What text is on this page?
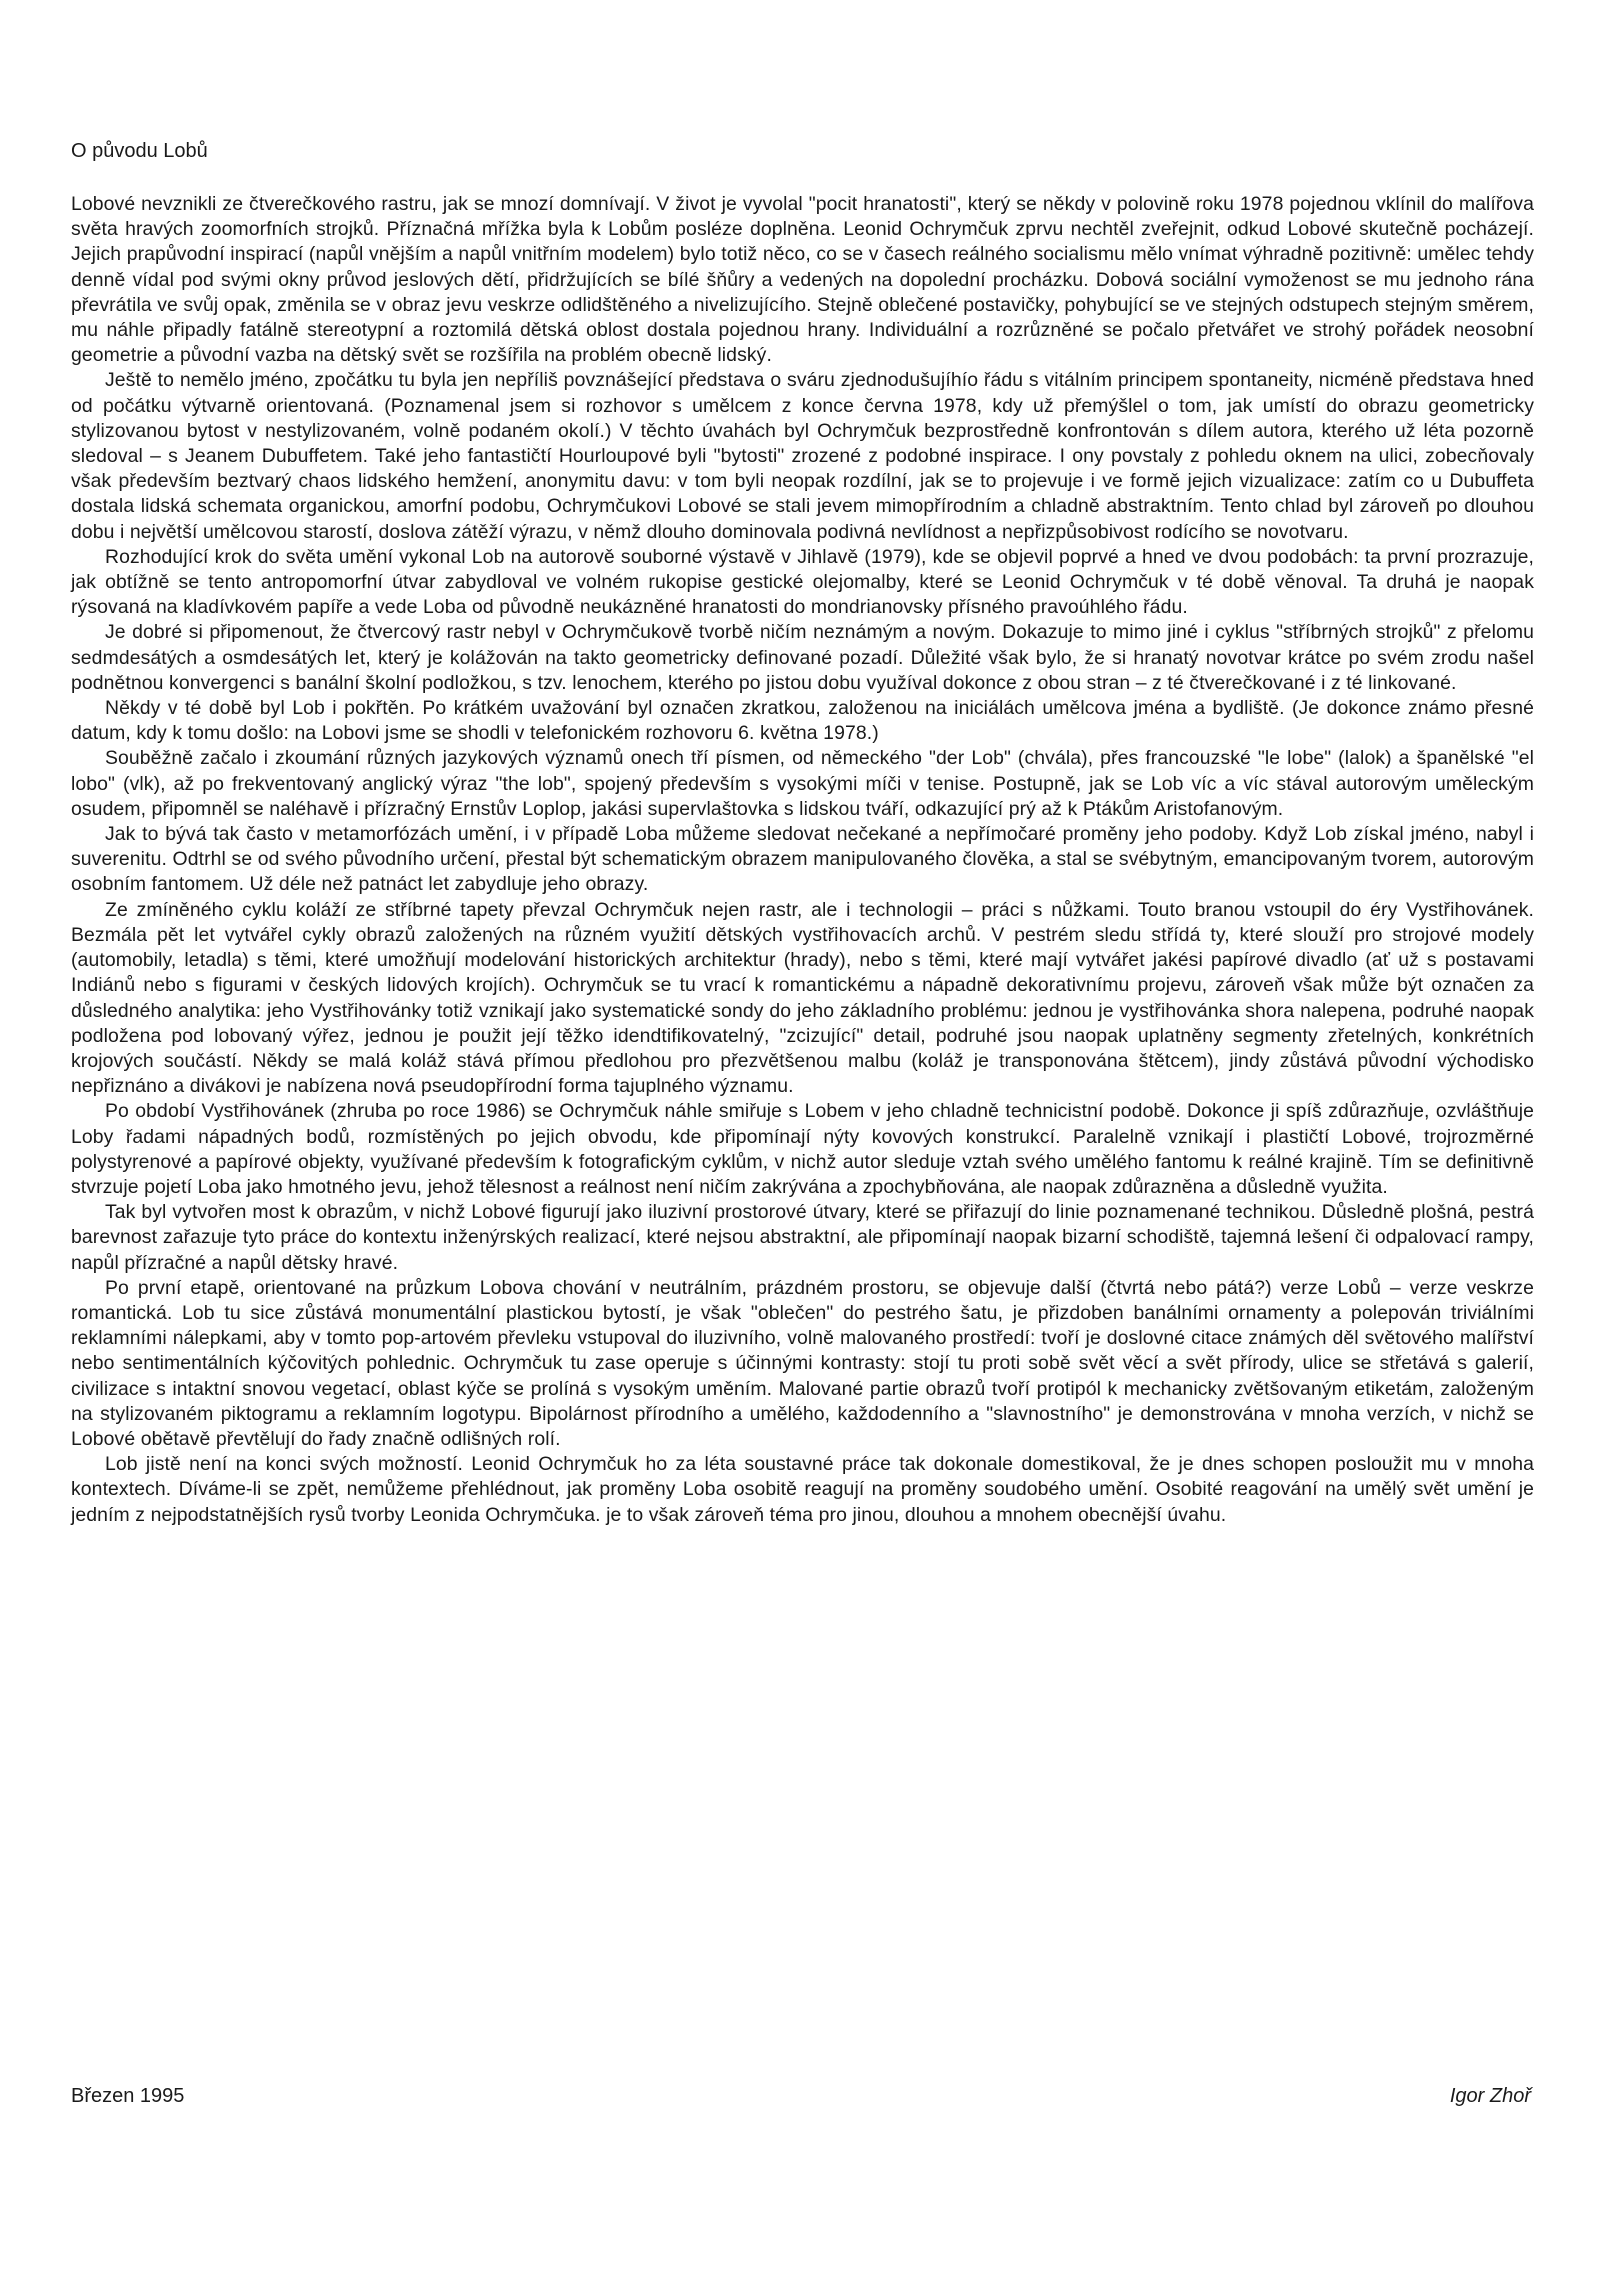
O původu Lobů

Lobové nevznikli ze čtverečkového rastru, jak se mnozí domnívají. V život je vyvolal "pocit hranatosti", který se někdy v polovině roku 1978 pojednou vklínil do malířova světa hravých zoomorfních strojků. Příznačná mřížka byla k Lobům posléze doplněna. Leonid Ochrymčuk zprvu nechtěl zveřejnit, odkud Lobové skutečně pocházejí. Jejich prapůvodní inspirací (napůl vnějším a napůl vnitřním modelem) bylo totiž něco, co se v časech reálného socialismu mělo vnímat výhradně pozitivně: umělec tehdy denně vídal pod svými okny průvod jeslových dětí, přidržujících se bílé šňůry a vedených na dopolední procházku. Dobová sociální vymoženost se mu jednoho rána převrátila ve svůj opak, změnila se v obraz jevu veskrze odlidštěného a nivelizujícího. Stejně oblečené postavičky, pohybující se ve stejných odstupech stejným směrem, mu náhle připadly fatálně stereotypní a roztomilá dětská oblost dostala pojednou hrany. Individuální a rozrůzněné se počalo přetvářet ve strohý pořádek neosobní geometrie a původní vazba na dětský svět se rozšířila na problém obecně lidský.

Ještě to nemělo jméno, zpočátku tu byla jen nepříliš povznášející představa o sváru zjednodušujíhío řádu s vitálním principem spontaneity, nicméně představa hned od počátku výtvarně orientovaná. (Poznamenal jsem si rozhovor s umělcem z konce června 1978, kdy už přemýšlel o tom, jak umístí do obrazu geometricky stylizovanou bytost v nestylizovaném, volně podaném okolí.) V těchto úvahách byl Ochrymčuk bezprostředně konfrontován s dílem autora, kterého už léta pozorně sledoval – s Jeanem Dubuffetem. Také jeho fantastičtí Hourloupové byli "bytosti" zrozené z podobné inspirace. I ony povstaly z pohledu oknem na ulici, zobecňovaly však především beztvarý chaos lidského hemžení, anonymitu davu: v tom byli neopak rozdílní, jak se to projevuje i ve formě jejich vizualizace: zatím co u Dubuffeta dostala lidská schemata organickou, amorfní podobu, Ochrymčukovi Lobové se stali jevem mimopřírodním a chladně abstraktním. Tento chlad byl zároveň po dlouhou dobu i největší umělcovou starostí, doslova zátěží výrazu, v němž dlouho dominovala podivná nevlídnost a nepřizpůsobivost rodícího se novotvaru.

Rozhodující krok do světa umění vykonal Lob na autorově souborné výstavě v Jihlavě (1979), kde se objevil poprvé a hned ve dvou podobách: ta první prozrazuje, jak obtížně se tento antropomorfní útvar zabydloval ve volném rukopise gestické olejomalby, které se Leonid Ochrymčuk v té době věnoval. Ta druhá je naopak rýsovaná na kladívkovém papíře a vede Loba od původně neukázněné hranatosti do mondrianovsky přísného pravoúhlého řádu.

Je dobré si připomenout, že čtvercový rastr nebyl v Ochrymčukově tvorbě ničím neznámým a novým. Dokazuje to mimo jiné i cyklus "stříbrných strojků" z přelomu sedmdesátých a osmdesátých let, který je kolážován na takto geometricky definované pozadí. Důležité však bylo, že si hranatý novotvar krátce po svém zrodu našel podnětnou konvergenci s banální školní podložkou, s tzv. lenochem, kterého po jistou dobu využíval dokonce z obou stran – z té čtverečkované i z té linkované.

Někdy v té době byl Lob i pokřtěn. Po krátkém uvažování byl označen zkratkou, založenou na iniciálách umělcova jména a bydliště. (Je dokonce známo přesné datum, kdy k tomu došlo: na Lobovi jsme se shodli v telefonickém rozhovoru 6. května 1978.)

Souběžně začalo i zkoumání různých jazykových významů onech tří písmen, od německého "der Lob" (chvála), přes francouzské "le lobe" (lalok) a španělské "el lobo" (vlk), až po frekventovaný anglický výraz "the lob", spojený především s vysokými míči v tenise. Postupně, jak se Lob víc a víc stával autorovým uměleckým osudem, připomněl se naléhavě i přízračný Ernstův Loplop, jakási supervlaštovka s lidskou tváří, odkazující prý až k Ptákům Aristofanovým.

Jak to bývá tak často v metamorfózách umění, i v případě Loba můžeme sledovat nečekané a nepřímočaré proměny jeho podoby. Když Lob získal jméno, nabyl i suverenitu. Odtrhl se od svého původního určení, přestal být schematickým obrazem manipulovaného člověka, a stal se svébytným, emancipovaným tvorem, autorovým osobním fantomem. Už déle než patnáct let zabydluje jeho obrazy.

Ze zmíněného cyklu koláží ze stříbrné tapety převzal Ochrymčuk nejen rastr, ale i technologii – práci s nůžkami. Touto branou vstoupil do éry Vystřihovánek. Bezmála pět let vytvářel cykly obrazů založených na různém využití dětských vystřihovacích archů. V pestrém sledu střídá ty, které slouží pro strojové modely (automobily, letadla) s těmi, které umožňují modelování historických architektur (hrady), nebo s těmi, které mají vytvářet jakési papírové divadlo (ať už s postavami Indiánů nebo s figurami v českých lidových krojích). Ochrymčuk se tu vrací k romantickému a nápadně dekorativnímu projevu, zároveň však může být označen za důsledného analytika: jeho Vystřihovánky totiž vznikají jako systematické sondy do jeho základního problému: jednou je vystřihovánka shora nalepena, podruhé naopak podložena pod lobovaný výřez, jednou je použit její těžko idendtifikovatelný, "zcizující" detail, podruhé jsou naopak uplatněny segmenty zřetelných, konkrétních krojových součástí. Někdy se malá koláž stává přímou předlohou pro přezvětšenou malbu (koláž je transponována štětcem), jindy zůstává původní východisko nepřiznáno a divákovi je nabízena nová pseudopřírodní forma tajuplného významu.

Po období Vystřihovánek (zhruba po roce 1986) se Ochrymčuk náhle smiřuje s Lobem v jeho chladně technicistní podobě. Dokonce ji spíš zdůrazňuje, ozvláštňuje Loby řadami nápadných bodů, rozmístěných po jejich obvodu, kde připomínají nýty kovových konstrukcí. Paralelně vznikají i plastičtí Lobové, trojrozměrné polystyrenové a papírové objekty, využívané především k fotografickým cyklům, v nichž autor sleduje vztah svého umělého fantomu k reálné krajině. Tím se definitivně stvrzuje pojetí Loba jako hmotného jevu, jehož tělesnost a reálnost není ničím zakrývána a zpochybňována, ale naopak zdůrazněna a důsledně využita.

Tak byl vytvořen most k obrazům, v nichž Lobové figurují jako iluzivní prostorové útvary, které se přiřazují do linie poznamenané technikou. Důsledně plošná, pestrá barevnost zařazuje tyto práce do kontextu inženýrských realizací, které nejsou abstraktní, ale připomínají naopak bizarní schodiště, tajemná lešení či odpalovací rampy, napůl přízračné a napůl dětsky hravé.

Po první etapě, orientované na průzkum Lobova chování v neutrálním, prázdném prostoru, se objevuje další (čtvrtá nebo pátá?) verze Lobů – verze veskrze romantická. Lob tu sice zůstává monumentální plastickou bytostí, je však "oblečen" do pestrého šatu, je přizdoben banálními ornamenty a polepován triviálními reklamními nálepkami, aby v tomto pop-artovém převleku vstupoval do iluzivního, volně malovaného prostředí: tvoří je doslovné citace známých děl světového malířství nebo sentimentálních kýčovitých pohlednic. Ochrymčuk tu zase operuje s účinnými kontrasty: stojí tu proti sobě svět věcí a svět přírody, ulice se střetává s galerií, civilizace s intaktní snovou vegetací, oblast kýče se prolíná s vysokým uměním. Malované partie obrazů tvoří protipól k mechanicky zvětšovaným etiketám, založeným na stylizovaném piktogramu a reklamním logotypu. Bipolárnost přírodního a umělého, každodenního a "slavnostního" je demonstrována v mnoha verzích, v nichž se Lobové obětavě převtělují do řady značně odlišných rolí.

Lob jistě není na konci svých možností. Leonid Ochrymčuk ho za léta soustavné práce tak dokonale domestikoval, že je dnes schopen posloužit mu v mnoha kontextech. Díváme-li se zpět, nemůžeme přehlédnout, jak proměny Loba osobitě reagují na proměny soudobého umění. Osobité reagování na umělý svět umění je jedním z nejpodstatnějších rysů tvorby Leonida Ochrymčuka. je to však zároveň téma pro jinou, dlouhou a mnohem obecnější úvahu.

Březen 1995	Igor Zhoř
